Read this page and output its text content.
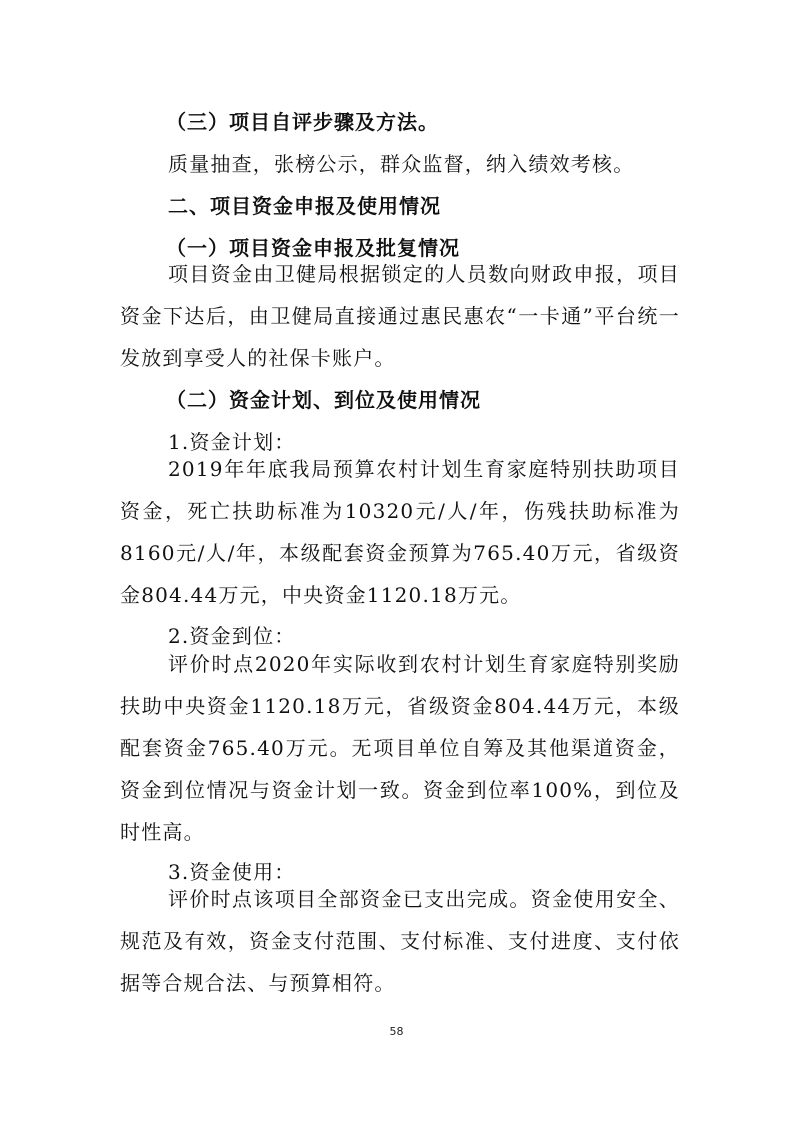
（三）项目自评步骤及方法。
质量抽查，张榜公示，群众监督，纳入绩效考核。
二、项目资金申报及使用情况
（一）项目资金申报及批复情况
项目资金由卫健局根据锁定的人员数向财政申报，项目资金下达后，由卫健局直接通过惠民惠农“一卡通”平台统一发放到享受人的社保卡账户。
（二）资金计划、到位及使用情况
1.资金计划：
2019年年底我局预算农村计划生育家庭特别扶助项目资金，死亡扶助标准为10320元/人/年，伤残扶助标准为8160元/人/年，本级配套资金预算为765.40万元，省级资金804.44万元，中央资金1120.18万元。
2.资金到位：
评价时点2020年实际收到农村计划生育家庭特别奖励扶助中央资金1120.18万元，省级资金804.44万元，本级配套资金765.40万元。无项目单位自筹及其他渠道资金，资金到位情况与资金计划一致。资金到位率100%，到位及时性高。
3.资金使用：
评价时点该项目全部资金已支出完成。资金使用安全、规范及有效，资金支付范围、支付标准、支付进度、支付依据等合规合法、与预算相符。
58
